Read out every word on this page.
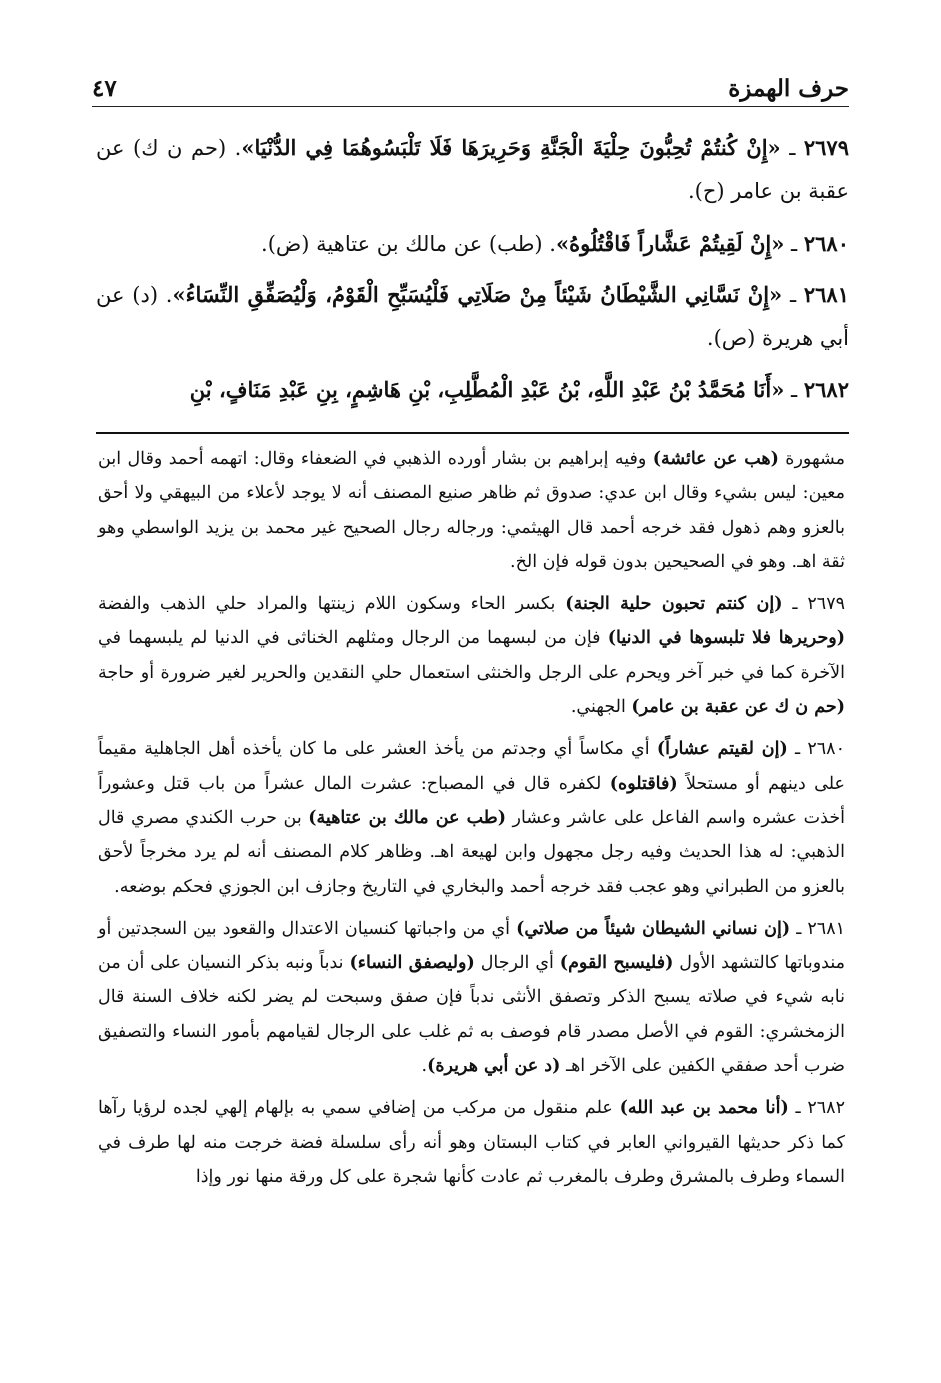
حرف الهمزة
٤٧
٢٦٧٩ ـ «إِنْ كُنتُمْ تُحِبُّونَ حِلْيَةَ الْجَنَّةِ وَحَرِيرَهَا فَلَا تَلْبَسُوهُمَا فِي الدُّنْيَا». (حم ن ك) عن عقبة بن عامر (ح).
٢٦٨٠ ـ «إِنْ لَقِيتُمْ عَشَّاراً فَاقْتُلُوهُ». (طب) عن مالك بن عتاهية (ض).
٢٦٨١ ـ «إِنْ نَسَّانِي الشَّيْطَانُ شَيْئاً مِنْ صَلَاتِي فَلْيُسَبِّحِ الْقَوْمُ، وَلْيُصَفِّقِ النِّسَاءُ». (د) عن أبي هريرة (ص).
٢٦٨٢ ـ «أَنَا مُحَمَّدُ بْنُ عَبْدِ اللَّهِ، بْنُ عَبْدِ الْمُطَّلِبِ، بْنِ هَاشِمٍ، بِنِ عَبْدِ مَنَافٍ، بْنِ

مشهورة (هب عن عائشة) وفيه إبراهيم بن بشار أورده الذهبي في الضعفاء وقال: اتهمه أحمد وقال ابن معين: ليس بشيء وقال ابن عدي: صدوق ثم ظاهر صنيع المصنف أنه لا يوجد لأعلاء من البيهقي ولا أحق بالعزو وهم ذهول فقد خرجه أحمد قال الهيثمي: ورجاله رجال الصحيح غير محمد بن يزيد الواسطي وهو ثقة اهـ. وهو في الصحيحين بدون قوله فإن الخ.

٢٦٧٩ ـ (إن كنتم تحبون حلية الجنة) بكسر الحاء وسكون اللام زينتها والمراد حلي الذهب والفضة (وحريرها فلا تلبسوها في الدنيا) فإن من لبسهما من الرجال ومثلهم الخناثى في الدنيا لم يلبسهما في الآخرة كما في خبر آخر ويحرم على الرجل والخنثى استعمال حلي النقدين والحرير لغير ضرورة أو حاجة (حم ن ك عن عقبة بن عامر) الجهني.

٢٦٨٠ ـ (إن لقيتم عشاراً) أي مكاساً أي وجدتم من يأخذ العشر على ما كان يأخذه أهل الجاهلية مقيماً على دينهم أو مستحلاً (فاقتلوه) لكفره قال في المصباح: عشرت المال عشراً من باب قتل وعشوراً أخذت عشره واسم الفاعل على عاشر وعشار (طب عن مالك بن عتاهية) بن حرب الكندي مصري قال الذهبي: له هذا الحديث وفيه رجل مجهول وابن لهيعة اهـ. وظاهر كلام المصنف أنه لم يرد مخرجاً لأحق بالعزو من الطبراني وهو عجب فقد خرجه أحمد والبخاري في التاريخ وجازف ابن الجوزي فحكم بوضعه.

٢٦٨١ ـ (إن نساني الشيطان شيئاً من صلاتي) أي من واجباتها كنسيان الاعتدال والقعود بين السجدتين أو مندوباتها كالتشهد الأول (فليسبح القوم) أي الرجال (وليصفق النساء) ندباً ونبه بذكر النسيان على أن من نابه شيء في صلاته يسبح الذكر وتصفق الأنثى ندباً فإن صفق وسبحت لم يضر لكنه خلاف السنة قال الزمخشري: القوم في الأصل مصدر قام فوصف به ثم غلب على الرجال لقيامهم بأمور النساء والتصفيق ضرب أحد صفقي الكفين على الآخر اهـ (د عن أبي هريرة).

٢٦٨٢ ـ (أنا محمد بن عبد الله) علم منقول من مركب من إضافي سمي به بإلهام إلهي لجده لرؤيا رآها كما ذكر حديثها القيرواني العابر في كتاب البستان وهو أنه رأى سلسلة فضة خرجت منه لها طرف في السماء وطرف بالمشرق وطرف بالمغرب ثم عادت كأنها شجرة على كل ورقة منها نور وإذا
